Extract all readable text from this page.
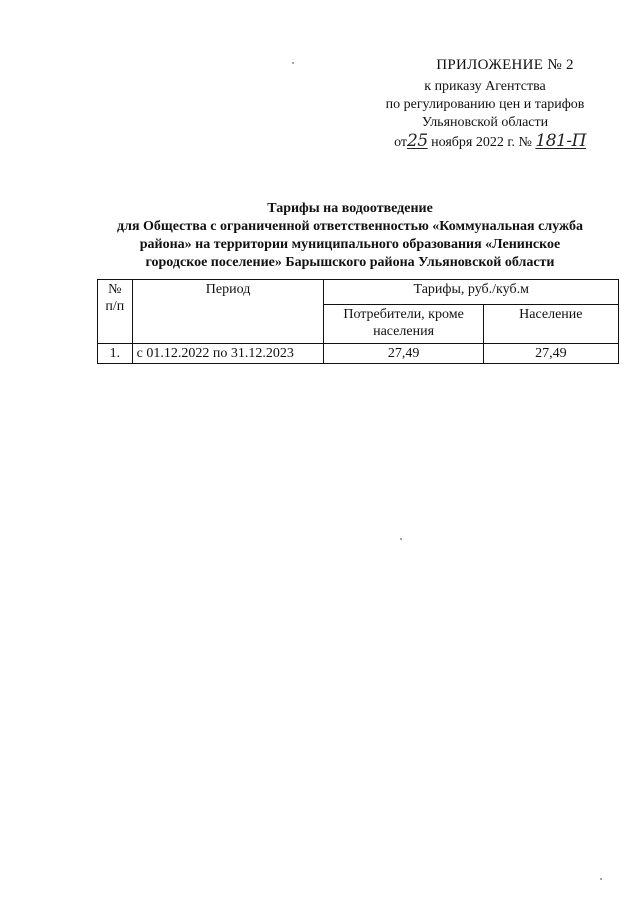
ПРИЛОЖЕНИЕ № 2
к приказу Агентства
по регулированию цен и тарифов
Ульяновской области
от25 ноября 2022 г. № 181-П
Тарифы на водоотведение
для Общества с ограниченной ответственностью «Коммунальная служба
района» на территории муниципального образования «Ленинское
городское поселение» Барышского района Ульяновской области
№ п/п	Период	Тарифы, руб./куб.м	
		Потребители, кроме населения	Население
1.	с 01.12.2022 по 31.12.2023	27,49	27,49
